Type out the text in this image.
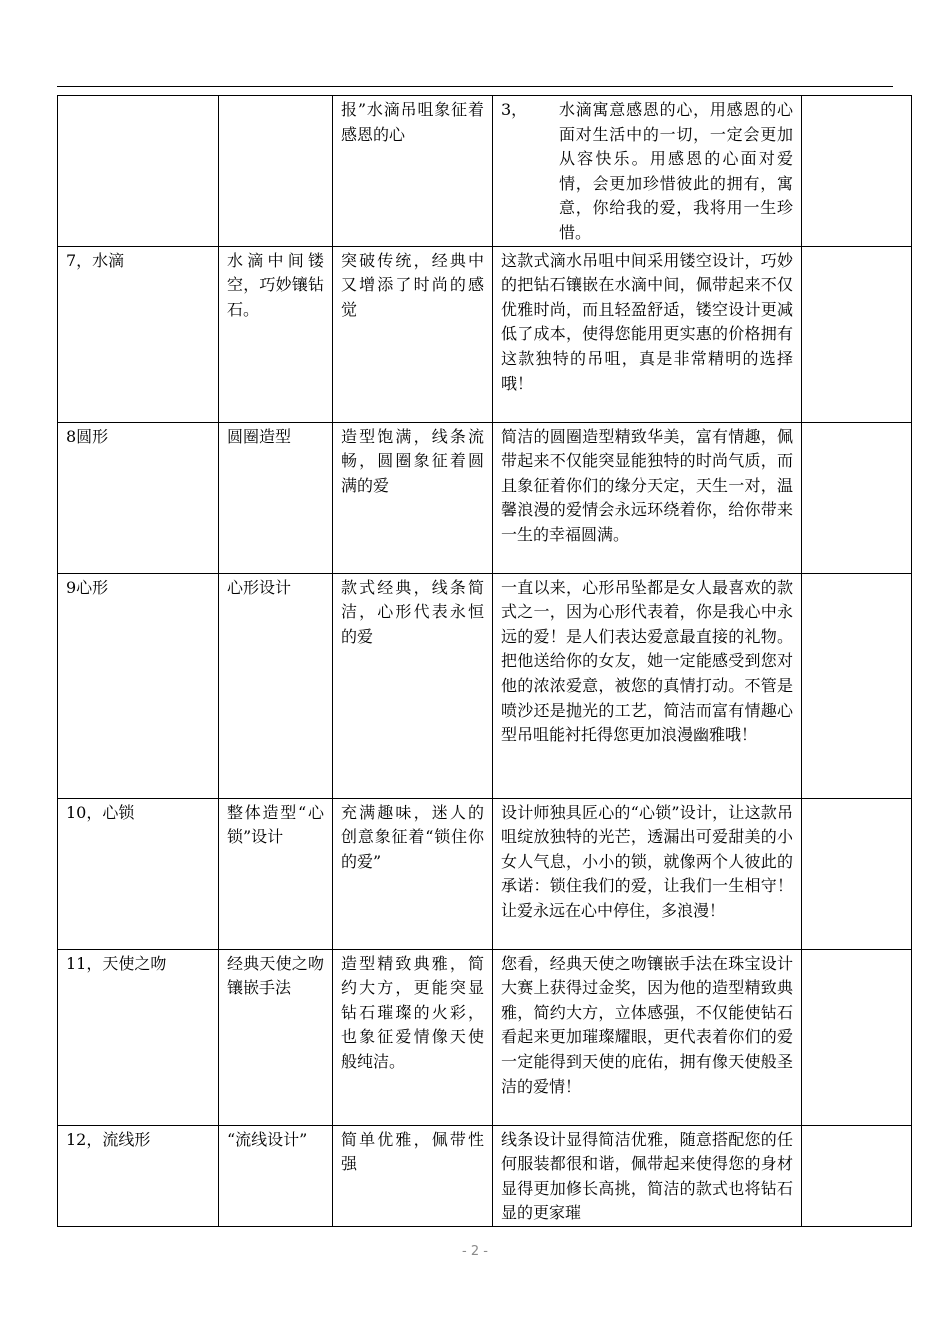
		报”水滴吊咀象征着感恩的心	3， 水滴寓意感恩的心，用感恩的心面对生活中的一切，一定会更加从容快乐。用感恩的心面对爱情，会更加珍惜彼此的拥有，寓意，你给我的爱，我将用一生珍惜。	

7，水滴	水滴中间镂空，巧妙镶钻石。	突破传统，经典中又增添了时尚的感觉	这款式滴水吊咀中间采用镂空设计，巧妙的把钻石镶嵌在水滴中间，佩带起来不仅优雅时尚，而且轻盈舒适，镂空设计更减低了成本，使得您能用更实惠的价格拥有这款独特的吊咀，真是非常精明的选择哦！	
8圆形	圆圈造型	造型饱满，线条流畅，圆圈象征着圆满的爱	简洁的圆圈造型精致华美，富有情趣，佩带起来不仅能突显能独特的时尚气质，而且象征着你们的缘分天定，天生一对，温馨浪漫的爱情会永远环绕着你，给你带来一生的幸福圆满。	
9心形	心形设计	款式经典，线条简洁，心形代表永恒的爱	一直以来，心形吊坠都是女人最喜欢的款式之一，因为心形代表着，你是我心中永远的爱！是人们表达爱意最直接的礼物。把他送给你的女友，她一定能感受到您对他的浓浓爱意，被您的真情打动。不管是喷沙还是抛光的工艺，简洁而富有情趣心型吊咀能衬托得您更加浪漫幽雅哦！	
10，心锁	整体造型“心锁”设计	充满趣味，迷人的创意象征着“锁住你的爱”	设计师独具匠心的“心锁”设计，让这款吊咀绽放独特的光芒，透漏出可爱甜美的小女人气息，小小的锁，就像两个人彼此的承诺：锁住我们的爱，让我们一生相守！让爱永远在心中停住，多浪漫！	
11，天使之吻	经典天使之吻镶嵌手法	造型精致典雅，简约大方，更能突显钻石璀璨的火彩，也象征爱情像天使般纯洁。	您看，经典天使之吻镶嵌手法在珠宝设计大赛上获得过金奖，因为他的造型精致典雅，简约大方，立体感强，不仅能使钻石看起来更加璀璨耀眼，更代表着你们的爱一定能得到天使的庇佑，拥有像天使般圣洁的爱情！	
12，流线形	“流线设计”	简单优雅，佩带性强	线条设计显得简洁优雅，随意搭配您的任何服装都很和谐，佩带起来使得您的身材显得更加修长高挑，简洁的款式也将钻石显的更家璀	
- 2 -
